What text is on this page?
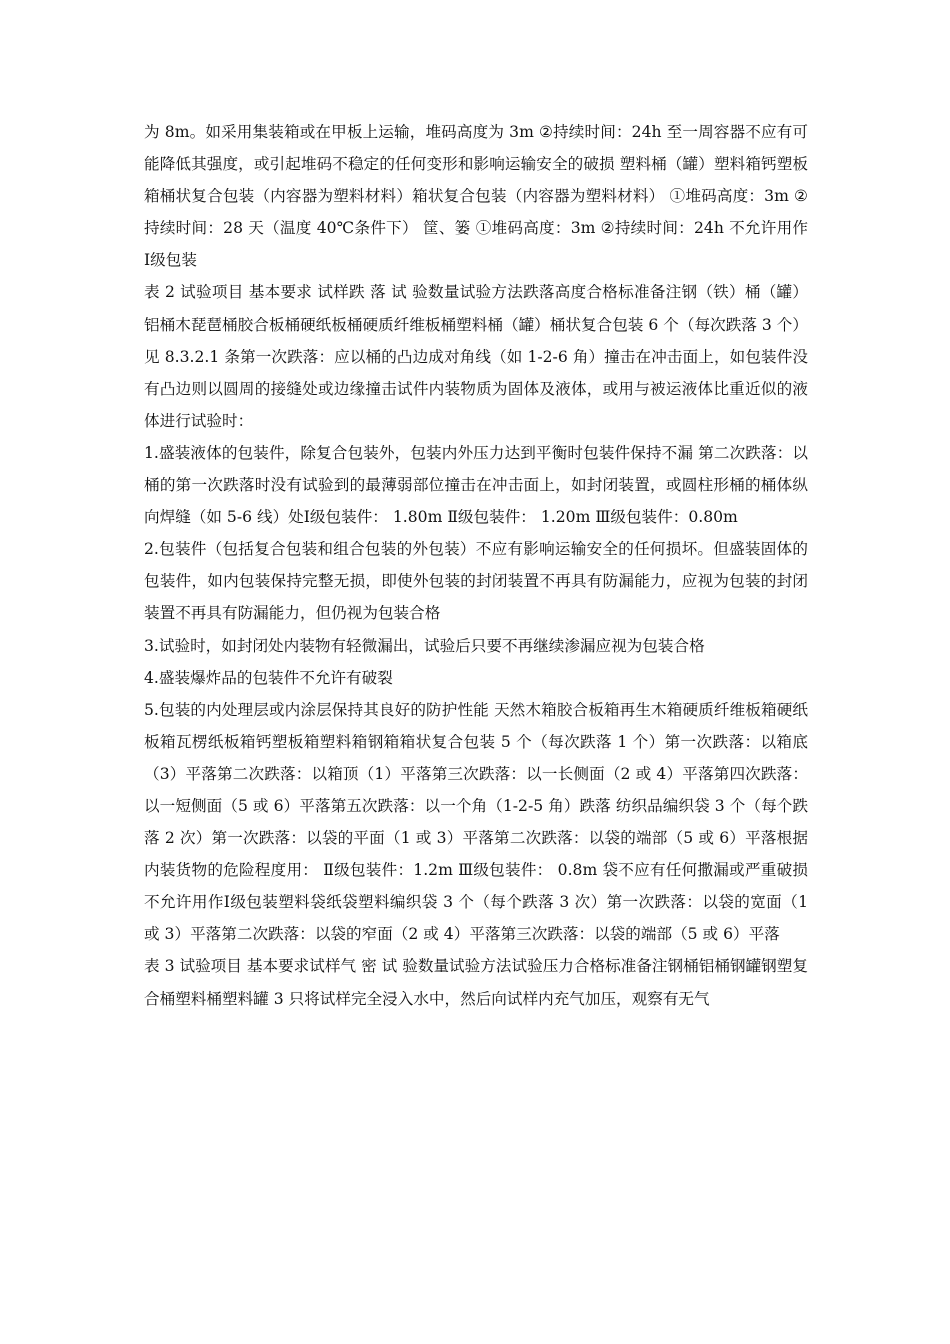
为 8m。如采用集装箱或在甲板上运输，堆码高度为 3m ②持续时间：24h 至一周容器不应有可能降低其强度，或引起堆码不稳定的任何变形和影响运输安全的破损 塑料桶（罐）塑料箱钙塑板箱桶状复合包装（内容器为塑料材料）箱状复合包装（内容器为塑料材料） ①堆码高度：3m ②持续时间：28 天（温度 40℃条件下） 筐、篓 ①堆码高度：3m ②持续时间：24h 不允许用作 Ⅰ级包装

表 2 试验项目 基本要求 试样跌 落 试 验数量试验方法跌落高度合格标准备注钢（铁）桶（罐）铝桶木琵琶桶胶合板桶硬纸板桶硬质纤维板桶塑料桶（罐）桶状复合包装 6 个（每次跌落 3 个）见 8.3.2.1 条第一次跌落：应以桶的凸边成对角线（如 1-2-6 角）撞击在冲击面上，如包装件没有凸边则以圆周的接缝处或边缘撞击试件内装物质为固体及液体，或用与被运液体比重近似的液体进行试验时：

1.盛装液体的包装件，除复合包装外，包装内外压力达到平衡时包装件保持不漏 第二次跌落：以桶的第一次跌落时没有试验到的最薄弱部位撞击在冲击面上，如封闭装置，或圆柱形桶的桶体纵向焊缝（如 5-6 线）处Ⅰ级包装件： 1.80m Ⅱ级包装件： 1.20m Ⅲ级包装件：0.80m

2.包装件（包括复合包装和组合包装的外包装）不应有影响运输安全的任何损坏。但盛装固体的包装件，如内包装保持完整无损，即使外包装的封闭装置不再具有防漏能力，应视为包装的封闭装置不再具有防漏能力，但仍视为包装合格

3.试验时，如封闭处内装物有轻微漏出，试验后只要不再继续渗漏应视为包装合格

4.盛装爆炸品的包装件不允许有破裂

5.包装的内处理层或内涂层保持其良好的防护性能 天然木箱胶合板箱再生木箱硬质纤维板箱硬纸板箱瓦楞纸板箱钙塑板箱塑料箱钢箱箱状复合包装 5 个（每次跌落 1 个）第一次跌落：以箱底（3）平落第二次跌落：以箱顶（1）平落第三次跌落：以一长侧面（2 或 4）平落第四次跌落：以一短侧面（5 或 6）平落第五次跌落：以一个角（1-2-5 角）跌落 纺织品编织袋 3 个（每个跌落 2 次）第一次跌落：以袋的平面（1 或 3）平落第二次跌落：以袋的端部（5 或 6）平落根据内装货物的危险程度用： Ⅱ级包装件：1.2m Ⅲ级包装件： 0.8m 袋不应有任何撒漏或严重破损不允许用作Ⅰ级包装塑料袋纸袋塑料编织袋 3 个（每个跌落 3 次）第一次跌落：以袋的宽面（1 或 3）平落第二次跌落：以袋的窄面（2 或 4）平落第三次跌落：以袋的端部（5 或 6）平落

表 3 试验项目 基本要求试样气 密 试 验数量试验方法试验压力合格标准备注钢桶铝桶钢罐钢塑复合桶塑料桶塑料罐 3 只将试样完全浸入水中，然后向试样内充气加压，观察有无气
